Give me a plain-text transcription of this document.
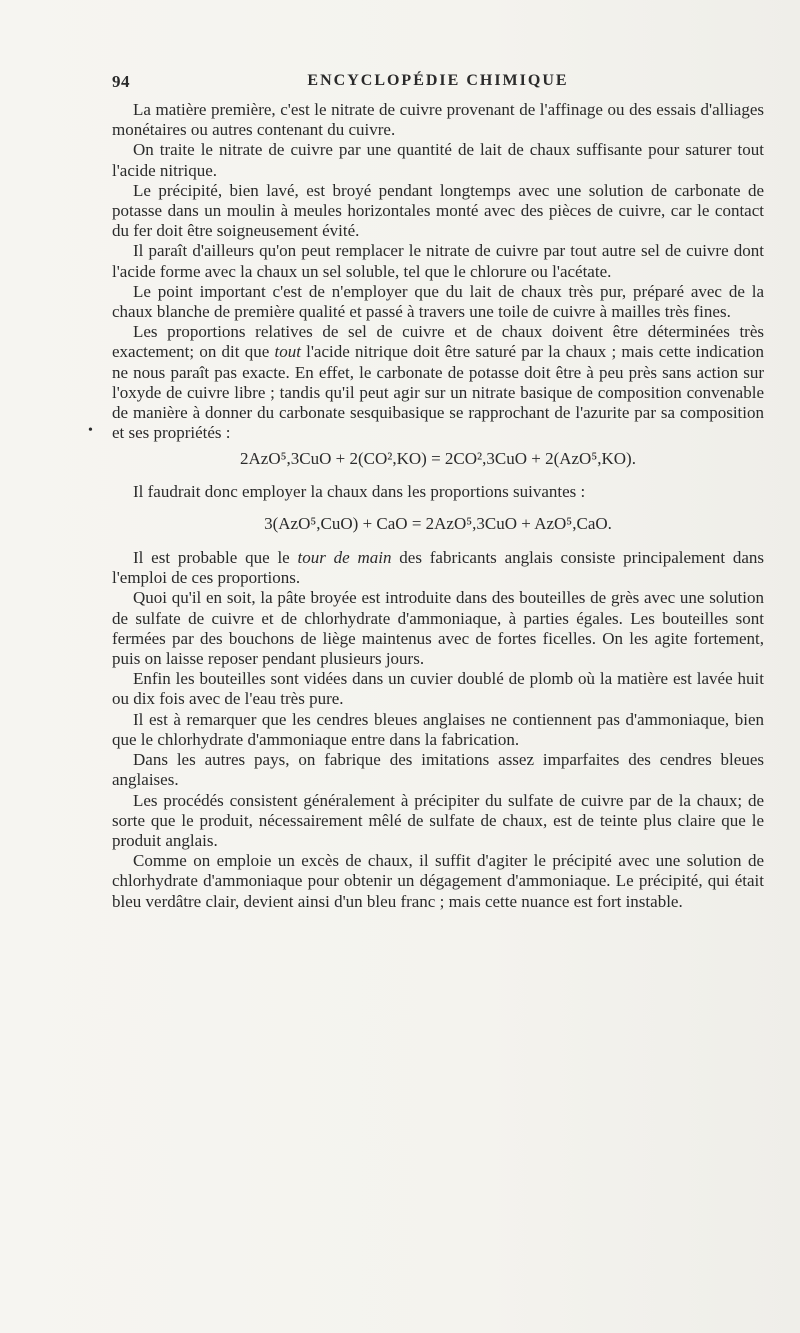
94	ENCYCLOPÉDIE CHIMIQUE
•

La matière première, c'est le nitrate de cuivre provenant de l'affinage ou des essais d'alliages monétaires ou autres contenant du cuivre.

On traite le nitrate de cuivre par une quantité de lait de chaux suffisante pour saturer tout l'acide nitrique.

Le précipité, bien lavé, est broyé pendant longtemps avec une solution de carbonate de potasse dans un moulin à meules horizontales monté avec des pièces de cuivre, car le contact du fer doit être soigneusement évité.

Il paraît d'ailleurs qu'on peut remplacer le nitrate de cuivre par tout autre sel de cuivre dont l'acide forme avec la chaux un sel soluble, tel que le chlorure ou l'acétate.

Le point important c'est de n'employer que du lait de chaux très pur, préparé avec de la chaux blanche de première qualité et passé à travers une toile de cuivre à mailles très fines.

Les proportions relatives de sel de cuivre et de chaux doivent être déterminées très exactement; on dit que tout l'acide nitrique doit être saturé par la chaux ; mais cette indication ne nous paraît pas exacte. En effet, le carbonate de potasse doit être à peu près sans action sur l'oxyde de cuivre libre ; tandis qu'il peut agir sur un nitrate basique de composition convenable de manière à donner du carbonate sesquibasique se rapprochant de l'azurite par sa composition et ses propriétés :

2AzO⁵,3CuO + 2(CO²,KO) = 2CO²,3CuO + 2(AzO⁵,KO).

Il faudrait donc employer la chaux dans les proportions suivantes :

3(AzO⁵,CuO) + CaO = 2AzO⁵,3CuO + AzO⁵,CaO.

Il est probable que le tour de main des fabricants anglais consiste principalement dans l'emploi de ces proportions.

Quoi qu'il en soit, la pâte broyée est introduite dans des bouteilles de grès avec une solution de sulfate de cuivre et de chlorhydrate d'ammoniaque, à parties égales. Les bouteilles sont fermées par des bouchons de liège maintenus avec de fortes ficelles. On les agite fortement, puis on laisse reposer pendant plusieurs jours.

Enfin les bouteilles sont vidées dans un cuvier doublé de plomb où la matière est lavée huit ou dix fois avec de l'eau très pure.

Il est à remarquer que les cendres bleues anglaises ne contiennent pas d'ammoniaque, bien que le chlorhydrate d'ammoniaque entre dans la fabrication.

Dans les autres pays, on fabrique des imitations assez imparfaites des cendres bleues anglaises.

Les procédés consistent généralement à précipiter du sulfate de cuivre par de la chaux; de sorte que le produit, nécessairement mêlé de sulfate de chaux, est de teinte plus claire que le produit anglais.

Comme on emploie un excès de chaux, il suffit d'agiter le précipité avec une solution de chlorhydrate d'ammoniaque pour obtenir un dégagement d'ammoniaque. Le précipité, qui était bleu verdâtre clair, devient ainsi d'un bleu franc ; mais cette nuance est fort instable.
